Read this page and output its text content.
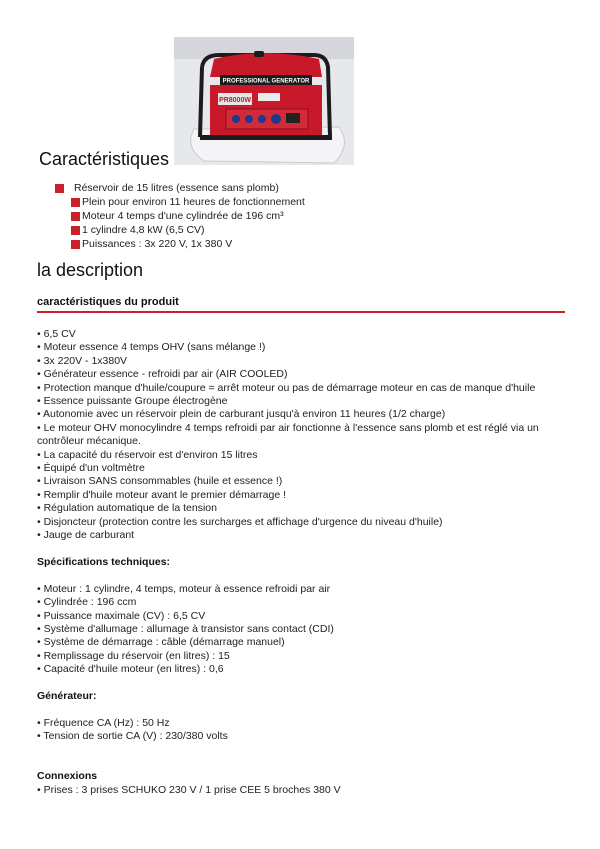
PROFESSIONAL GENERATOR
PR8000W
Caractéristiques
Réservoir de 15 litres (essence sans plomb)
Plein pour environ 11 heures de fonctionnement
Moteur 4 temps d'une cylindrée de 196 cm³
1 cylindre 4,8 kW (6,5 CV)
Puissances : 3x 220 V, 1x 380 V
la description
caractéristiques du produit
• 6,5 CV
• Moteur essence 4 temps OHV (sans mélange !)
• 3x 220V - 1x380V
• Générateur essence - refroidi par air (AIR COOLED)
• Protection manque d'huile/coupure = arrêt moteur ou pas de démarrage moteur en cas de manque d'huile
• Essence puissante Groupe électrogène
• Autonomie avec un réservoir plein de carburant jusqu'à environ 11 heures (1/2 charge)
• Le moteur OHV monocylindre 4 temps refroidi par air fonctionne à l'essence sans plomb et est réglé via un contrôleur mécanique.
• La capacité du réservoir est d'environ 15 litres
• Équipé d'un voltmètre
• Livraison SANS consommables (huile et essence !)
• Remplir d'huile moteur avant le premier démarrage !
• Régulation automatique de la tension
• Disjoncteur (protection contre les surcharges et affichage d'urgence du niveau d'huile)
• Jauge de carburant
Spécifications techniques:
• Moteur : 1 cylindre, 4 temps, moteur à essence refroidi par air
• Cylindrée : 196 ccm
• Puissance maximale (CV) : 6,5 CV
• Système d'allumage : allumage à transistor sans contact (CDI)
• Système de démarrage : câble (démarrage manuel)
• Remplissage du réservoir (en litres) : 15
• Capacité d'huile moteur (en litres) : 0,6
Générateur:
• Fréquence CA (Hz) : 50 Hz
• Tension de sortie CA (V) : 230/380 volts
Connexions
• Prises : 3 prises SCHUKO 230 V / 1 prise CEE 5 broches 380 V
